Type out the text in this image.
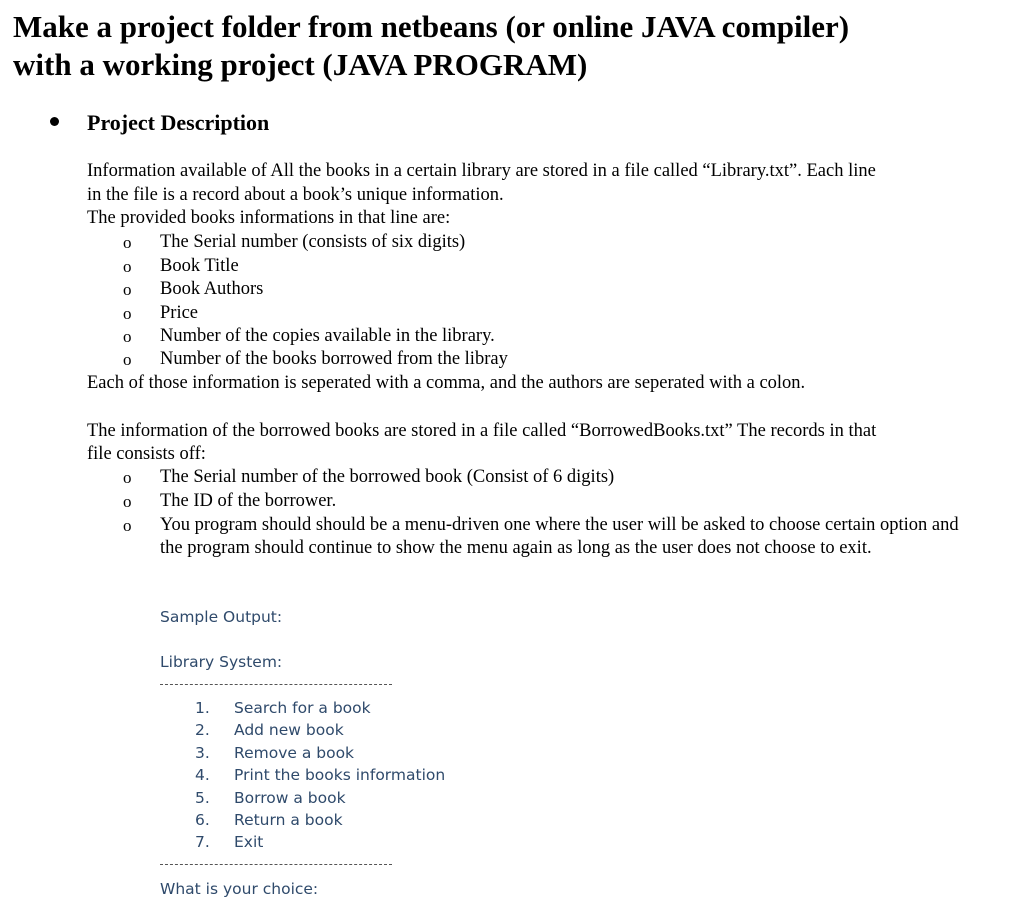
Make a project folder from netbeans (or online JAVA compiler)
with a working project (JAVA PROGRAM)
Project Description
Information available of All the books in a certain library are stored in a file called “Library.txt”. Each line
in the file is a record about a book’s unique information.
The provided books informations in that line are:
o The Serial number (consists of six digits)
o Book Title
o Book Authors
o Price
o Number of the copies available in the library.
o Number of the books borrowed from the libray
Each of those information is seperated with a comma, and the authors are seperated with a colon.
The information of the borrowed books are stored in a file called “BorrowedBooks.txt” The records in that
file consists off:
o The Serial number of the borrowed book (Consist of 6 digits)
o The ID of the borrower.
o You program should should be a menu-driven one where the user will be asked to choose certain option and the program should continue to show the menu again as long as the user does not choose to exit.
Sample Output:
Library System:
1. Search for a book
2. Add new book
3. Remove a book
4. Print the books information
5. Borrow a book
6. Return a book
7. Exit
What is your choice:
